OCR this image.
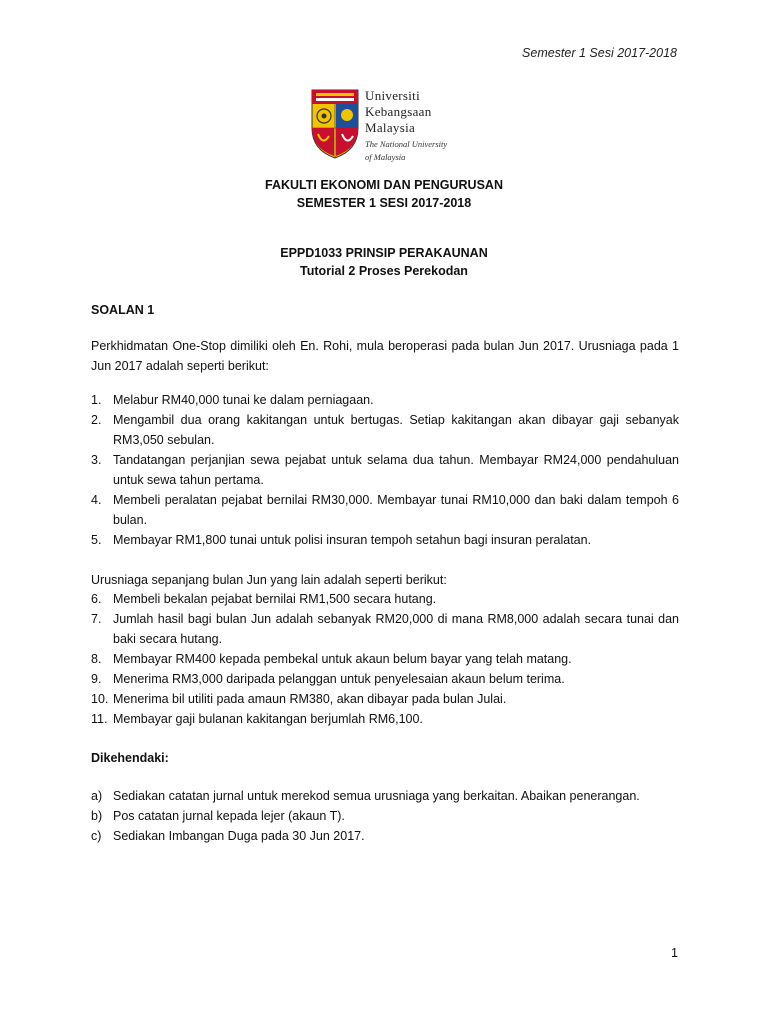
Semester 1 Sesi 2017-2018
Universiti
Kebangsaan
Malaysia
The National University
of Malaysia
FAKULTI EKONOMI DAN PENGURUSAN
SEMESTER 1 SESI 2017-2018
EPPD1033 PRINSIP PERAKAUNAN
Tutorial 2 Proses Perekodan
SOALAN 1
Perkhidmatan One-Stop dimiliki oleh En. Rohi, mula beroperasi pada bulan Jun 2017. Urusniaga pada 1 Jun 2017 adalah seperti berikut:
1. Melabur RM40,000 tunai ke dalam perniagaan.
2. Mengambil dua orang kakitangan untuk bertugas. Setiap kakitangan akan dibayar gaji sebanyak RM3,050 sebulan.
3. Tandatangan perjanjian sewa pejabat untuk selama dua tahun. Membayar RM24,000 pendahuluan untuk sewa tahun pertama.
4. Membeli peralatan pejabat bernilai RM30,000. Membayar tunai RM10,000 dan baki dalam tempoh 6 bulan.
5. Membayar RM1,800 tunai untuk polisi insuran tempoh setahun bagi insuran peralatan.
Urusniaga sepanjang bulan Jun yang lain adalah seperti berikut:
6. Membeli bekalan pejabat bernilai RM1,500 secara hutang.
7. Jumlah hasil bagi bulan Jun adalah sebanyak RM20,000 di mana RM8,000 adalah secara tunai dan baki secara hutang.
8. Membayar RM400 kepada pembekal untuk akaun belum bayar yang telah matang.
9. Menerima RM3,000 daripada pelanggan untuk penyelesaian akaun belum terima.
10. Menerima bil utiliti pada amaun RM380, akan dibayar pada bulan Julai.
11. Membayar gaji bulanan kakitangan berjumlah RM6,100.
Dikehendaki:
a) Sediakan catatan jurnal untuk merekod semua urusniaga yang berkaitan. Abaikan penerangan.
b) Pos catatan jurnal kepada lejer (akaun T).
c) Sediakan Imbangan Duga pada 30 Jun 2017.
1
